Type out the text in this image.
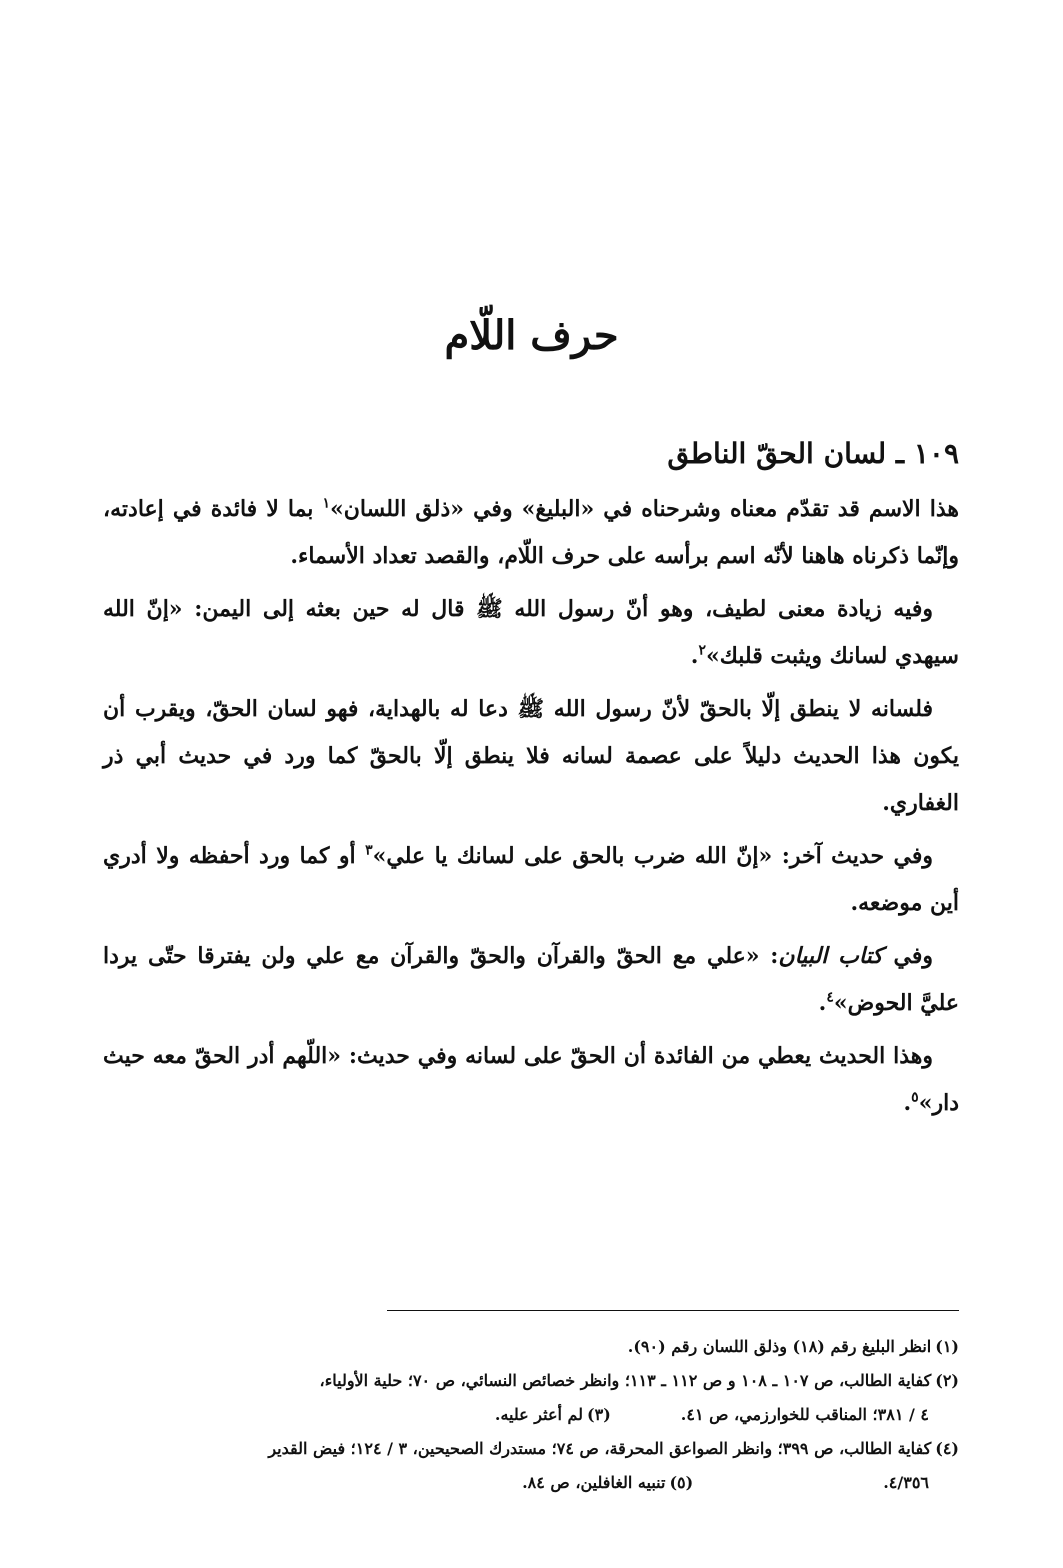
حرف اللّام
١٠٩ ـ لسان الحقّ الناطق

هذا الاسم قد تقدّم معناه وشرحناه في «البليغ» وفي «ذلق اللسان»$^١$ بما لا فائدة في إعادته، وإنّما ذكرناه هاهنا لأنّه اسم برأسه على حرف اللّام، والقصد تعداد الأسماء.

وفيه زيادة معنى لطيف، وهو أنّ رسول الله ﷺ قال له حين بعثه إلى اليمن: «إنّ الله سيهدي لسانك ويثبت قلبك»$^٢$.

فلسانه لا ينطق إلّا بالحقّ لأنّ رسول الله ﷺ دعا له بالهداية، فهو لسان الحقّ، ويقرب أن يكون هذا الحديث دليلاً على عصمة لسانه فلا ينطق إلّا بالحقّ كما ورد في حديث أبي ذر الغفاري.

وفي حديث آخر: «إنّ الله ضرب بالحق على لسانك يا علي»$^٣$ أو كما ورد أحفظه ولا أدري أين موضعه.

وفي كتاب البيان: «علي مع الحقّ والقرآن والحقّ والقرآن مع علي ولن يفترقا حتّى يردا عليَّ الحوض»$^٤$.

وهذا الحديث يعطي من الفائدة أن الحقّ على لسانه وفي حديث: «اللّهم أدر الحقّ معه حيث دار»$^٥$.

(١)انظر البليغ رقم (١٨) وذلق اللسان رقم (٩٠).

(٢)كفاية الطالب، ص ١٠٧ ـ ١٠٨ و ص ١١٢ ـ ١١٣؛ وانظر خصائص النسائي، ص ٧٠؛ حلية الأولياء،

٤ / ٣٨١؛ المناقب للخوارزمي، ص ٤١.(٣)لم أعثر عليه.

(٤)كفاية الطالب، ص ٣٩٩؛ وانظر الصواعق المحرقة، ص ٧٤؛ مستدرك الصحيحين، ٣ / ١٢٤؛ فيض القدير

٤/٣٥٦.(٥)تنبيه الغافلين، ص ٨٤.
